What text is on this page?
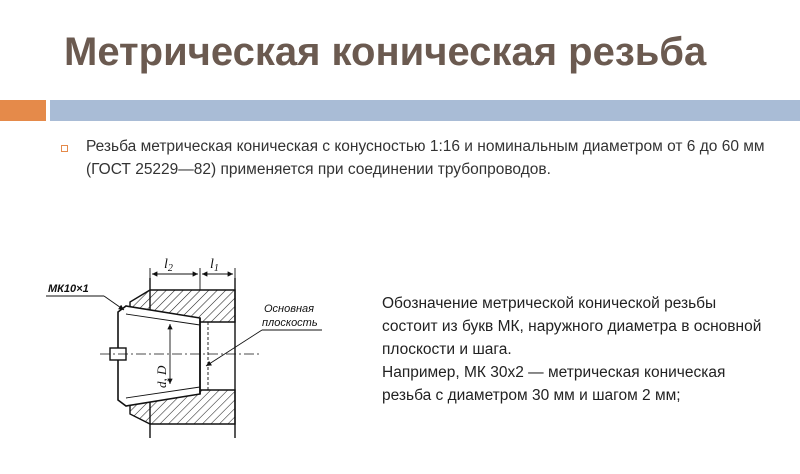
Метрическая коническая резьба

Резьба метрическая коническая с конусностью 1:16 и номинальным диаметром от 6 до 60 мм (ГОСТ 25229—82) применяется при соединении трубопроводов.

$l_2$	$l_1$
МК10×1
d, D
Основная
плоскость

Обозначение метрической конической резьбы
состоит из букв МК, наружного диаметра в основной
плоскости и шага.
Например, МК 30х2 — метрическая коническая
резьба с диаметром 30 мм и шагом 2 мм;
